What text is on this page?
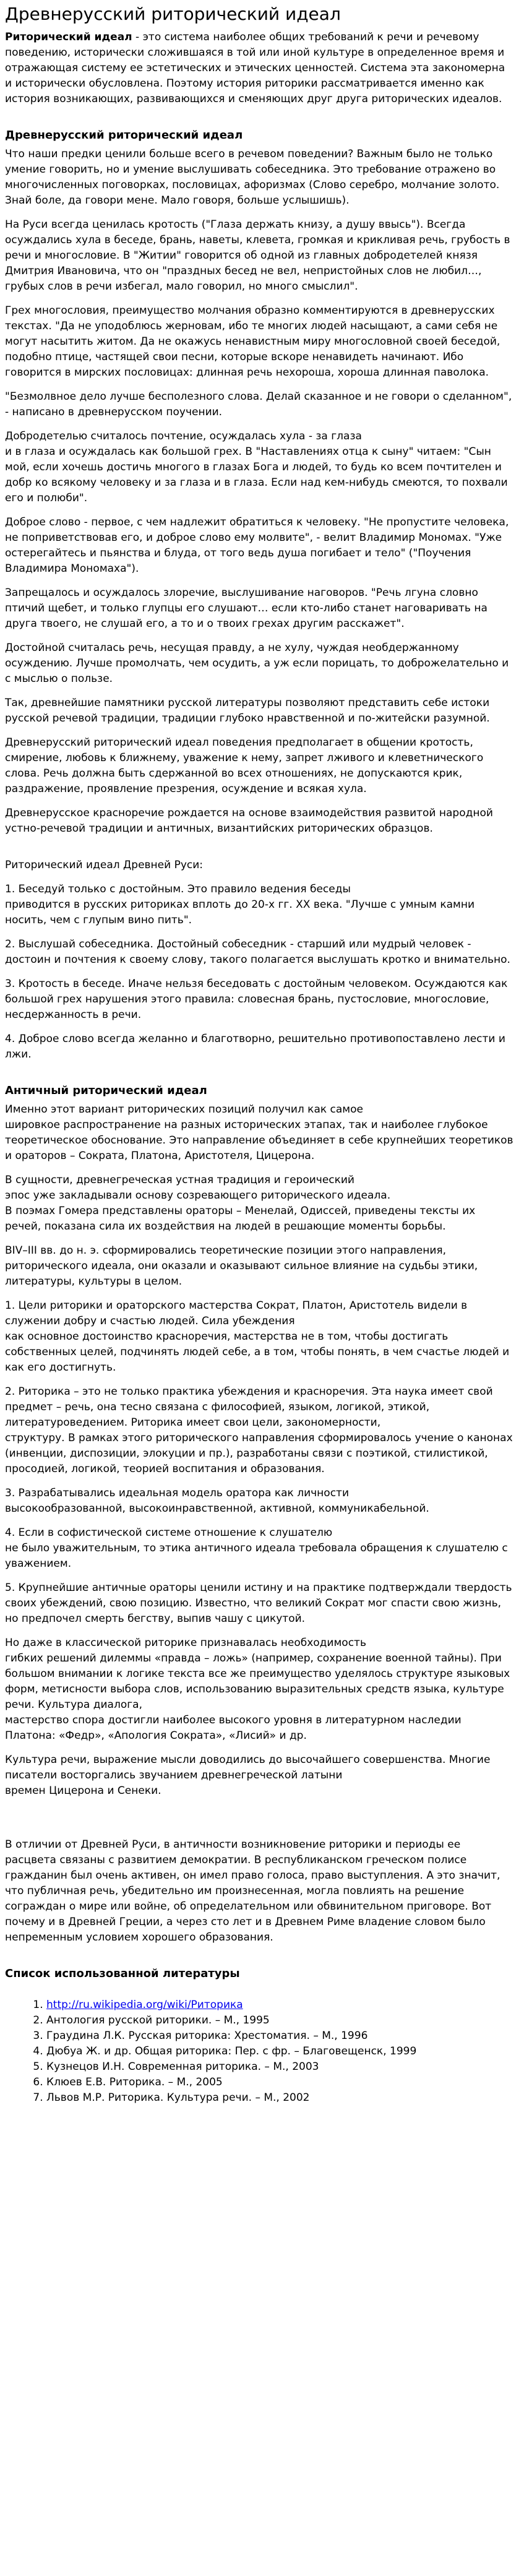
Древнерусский риторический идеал

Риторический идеал - это система наиболее общих требований к речи и речевому поведению, исторически сложившаяся в той или иной культуре в определенное время и отражающая систему ее эстетических и этических ценностей. Система эта закономерна и исторически обусловлена. Поэтому история риторики рассматривается именно как история возникающих, развивающихся и сменяющих друг друга риторических идеалов.

Древнерусский риторический идеал

Что наши предки ценили больше всего в речевом поведении? Важным было не только умение говорить, но и умение выслушивать собеседника. Это требование отражено во многочисленных поговорках, пословицах, афоризмах (Слово серебро, молчание золото. Знай боле, да говори мене. Мало говоря, больше услышишь).

На Руси всегда ценилась кротость ("Глаза держать книзу, а душу ввысь"). Всегда осуждались хула в беседе, брань, наветы, клевета, громкая и крикливая речь, грубость в речи и многословие. В "Житии" говорится об одной из главных добродетелей князя Дмитрия Ивановича, что он "праздных бесед не вел, непристойных слов не любил…, грубых слов в речи избегал, мало говорил, но много смыслил".

Грех многословия, преимущество молчания образно комментируются в древнерусских текстах. "Да не уподоблюсь жерновам, ибо те многих людей насыщают, а сами себя не могут насытить житом. Да не окажусь ненавистным миру многословной своей беседой, подобно птице, частящей свои песни, которые вскоре ненавидеть начинают. Ибо говорится в мирских пословицах: длинная речь нехороша, хороша длинная паволока.

"Безмолвное дело лучше бесполезного слова. Делай сказанное и не говори о сделанном", - написано в древнерусском поучении.

Добродетелью считалось почтение, осуждалась хула - за глаза
и в глаза и осуждалась как большой грех. В "Наставлениях отца к сыну" читаем: "Сын мой, если хочешь достичь многого в глазах Бога и людей, то будь ко всем почтителен и добр ко всякому человеку и за глаза и в глаза. Если над кем-нибудь смеются, то похвали его и полюби".

Доброе слово - первое, с чем надлежит обратиться к человеку. "Не пропустите человека, не поприветствовав его, и доброе слово ему молвите", - велит Владимир Мономах. "Уже остерегайтесь и пьянства и блуда, от того ведь душа погибает и тело" ("Поучения Владимира Мономаха").

Запрещалось и осуждалось злоречие, выслушивание наговоров. "Речь лгуна словно птичий щебет, и только глупцы его слушают… если кто-либо станет наговаривать на друга твоего, не слушай его, а то и о твоих грехах другим расскажет".

Достойной считалась речь, несущая правду, а не хулу, чуждая необдержанному осуждению. Лучше промолчать, чем осудить, а уж если порицать, то доброжелательно и с мыслью о пользе.

Так, древнейшие памятники русской литературы позволяют представить себе истоки русской речевой традиции, традиции глубоко нравственной и по-житейски разумной.

Древнерусский риторический идеал поведения предполагает в общении кротость, смирение, любовь к ближнему, уважение к нему, запрет лживого и клеветнического слова. Речь должна быть сдержанной во всех отношениях, не допускаются крик, раздражение, проявление презрения, осуждение и всякая хула.

Древнерусское красноречие рождается на основе взаимодействия развитой народной устно-речевой традиции и античных, византийских риторических образцов.

Риторический идеал Древней Руси:

1. Беседуй только с достойным. Это правило ведения беседы
приводится в русских риториках вплоть до 20-х гг. XX века. "Лучше с умным камни носить, чем с глупым вино пить".

2. Выслушай собеседника. Достойный собеседник - старший или мудрый человек - достоин и почтения к своему слову, такого полагается выслушать кротко и внимательно.

3. Кротость в беседе. Иначе нельзя беседовать с достойным человеком. Осуждаются как большой грех нарушения этого правила: словесная брань, пустословие, многословие, несдержанность в речи.

4. Доброе слово всегда желанно и благотворно, решительно противопоставлено лести и лжи.

Античный риторический идеал

Именно этот вариант риторических позиций получил как самое
шировкое распространение на разных исторических этапах, так и наиболее глубокое теоретическое обоснование. Это направление объединяет в себе крупнейших теоретиков и ораторов – Сократа, Платона, Аристотеля, Цицерона.

В сущности, древнегреческая устная традиция и героический
эпос уже закладывали основу созревающего риторического идеала.
В поэмах Гомера представлены ораторы – Менелай, Одиссей, приведены тексты их речей, показана сила их воздействия на людей в решающие моменты борьбы.

BIV–III вв. до н. э. сформировались теоретические позиции этого направления, риторического идеала, они оказали и оказывают сильное влияние на судьбы этики, литературы, культуры в целом.

1. Цели риторики и ораторского мастерства Сократ, Платон, Аристотель видели в служении добру и счастью людей. Сила убеждения
как основное достоинство красноречия, мастерства не в том, чтобы достигать собственных целей, подчинять людей себе, а в том, чтобы понять, в чем счастье людей и как его достигнуть.

2. Риторика – это не только практика убеждения и красноречия. Эта наука имеет свой предмет – речь, она тесно связана с философией, языком, логикой, этикой, литературоведением. Риторика имеет свои цели, закономерности,
структуру. В рамках этого риторического направления сформировалось учение о канонах (инвенции, диспозиции, элокуции и пр.), разработаны связи с поэтикой, стилистикой, просодией, логикой, теорией воспитания и образования.

3. Разрабатывались идеальная модель оратора как личности
высокообразованной, высокоинравственной, активной, коммуникабельной.

4. Если в софистической системе отношение к слушателю
не было уважительным, то этика античного идеала требовала обращения к слушателю с уважением.

5. Крупнейшие античные ораторы ценили истину и на практике подтверждали твердость своих убеждений, свою позицию. Известно, что великий Сократ мог спасти свою жизнь, но предпочел смерть бегству, выпив чашу с цикутой.

Но даже в классической риторике признавалась необходимость
гибких решений дилеммы «правда – ложь» (например, сохранение военной тайны). При большом внимании к логике текста все же преимущество уделялось структуре языковых форм, метисности выбора слов, использованию выразительных средств языка, культуре речи. Культура диалога,
мастерство спора достигли наиболее высокого уровня в литературном наследии Платона: «Федр», «Апология Сократа», «Лисий» и др.

Культура речи, выражение мысли доводились до высочайшего совершенства. Многие писатели восторгались звучанием древнегреческой латыни
времен Цицерона и Сенеки.

В отличии от Древней Руси, в античности возникновение риторики и периоды ее расцвета связаны с развитием демократии. В республиканском греческом полисе гражданин был очень активен, он имел право голоса, право выступления. А это значит, что публичная речь, убедительно им произнесенная, могла повлиять на решение сограждан о мире или войне, об определательном или обвинительном приговоре. Вот почему и в Древней Греции, а через сто лет и в Древнем Риме владение словом было непременным условием хорошего образования.

Список использованной литературы
1. http://ru.wikipedia.org/wiki/Риторика
2. Антология русской риторики. – М., 1995
3. Граудина Л.К. Русская риторика: Хрестоматия. – М., 1996
4. Дюбуа Ж. и др. Общая риторика: Пер. с фр. – Благовещенск, 1999
5. Кузнецов И.Н. Современная риторика. – М., 2003
6. Клюев Е.В. Риторика. – М., 2005
7. Львов М.Р. Риторика. Культура речи. – М., 2002
